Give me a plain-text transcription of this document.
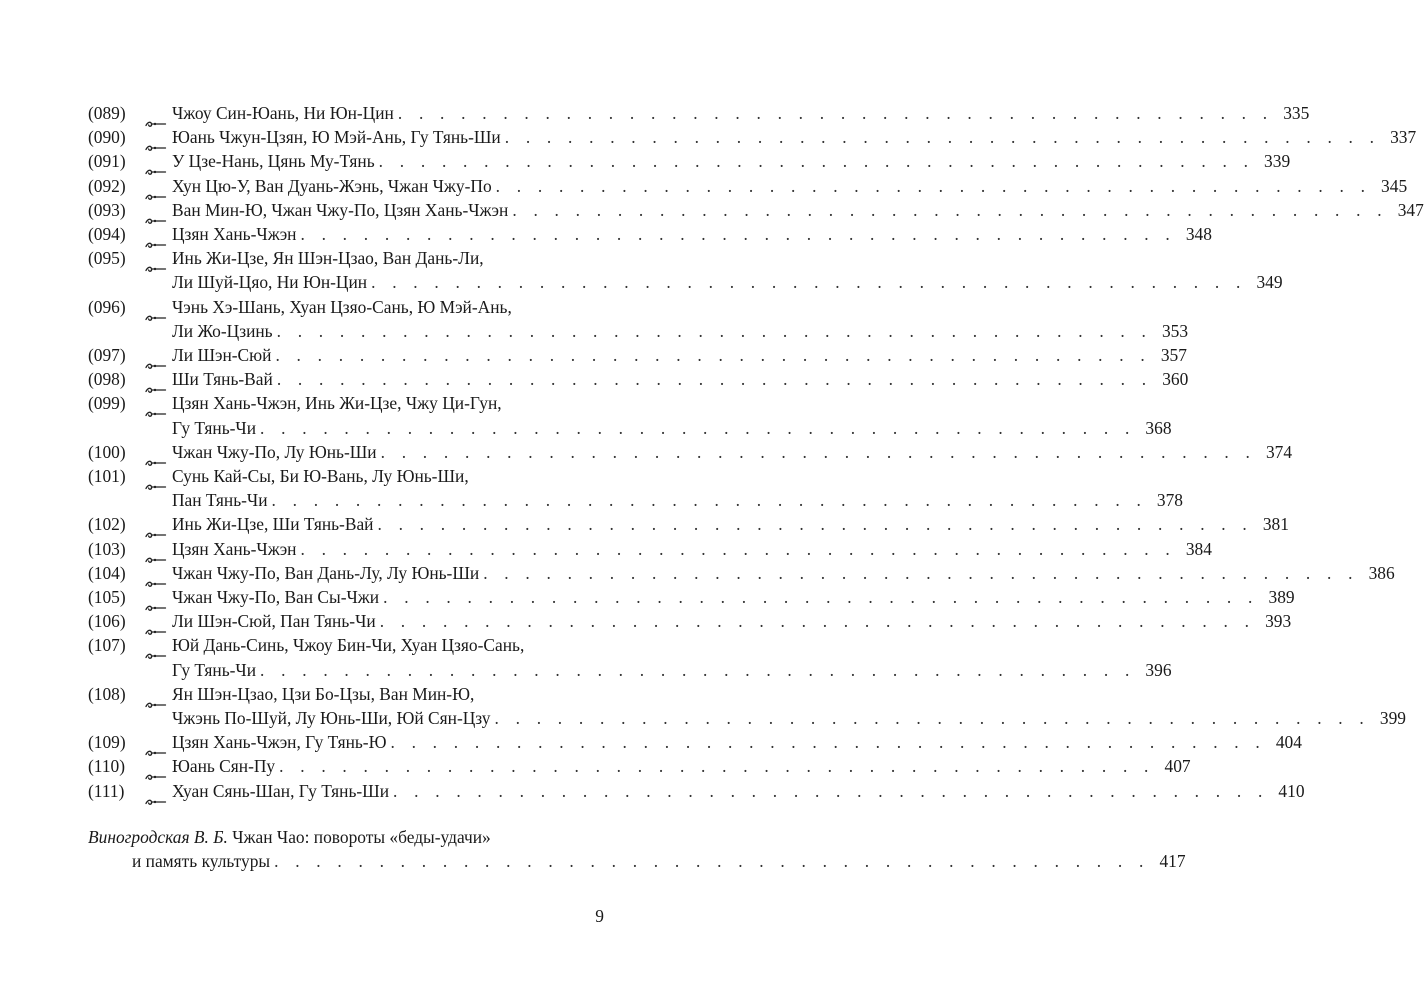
(089)	Чжоу Син-Юань, Ни Юн-Цин . . . . . . . . . . . . . . . . . . . . . . . . . . . . . . . . . . . . . . . . . . 335
(090)	Юань Чжун-Цзян, Ю Мэй-Ань, Гу Тянь-Ши . . . . . . . . . . . . . . . . . . . . . . . . . . . . . . . . . . . . . . . . . . 337
(091)	У Цзе-Нань, Цянь Му-Тянь . . . . . . . . . . . . . . . . . . . . . . . . . . . . . . . . . . . . . . . . . . 339
(092)	Хун Цю-У, Ван Дуань-Жэнь, Чжан Чжу-По . . . . . . . . . . . . . . . . . . . . . . . . . . . . . . . . . . . . . . . . . . 345
(093)	Ван Мин-Ю, Чжан Чжу-По, Цзян Хань-Чжэн . . . . . . . . . . . . . . . . . . . . . . . . . . . . . . . . . . . . . . . . . . 347
(094)	Цзян Хань-Чжэн . . . . . . . . . . . . . . . . . . . . . . . . . . . . . . . . . . . . . . . . . . 348
(095)	Инь Жи-Цзе, Ян Шэн-Цзао, Ван Дань-Ли,
Ли Шуй-Цяо, Ни Юн-Цин . . . . . . . . . . . . . . . . . . . . . . . . . . . . . . . . . . . . . . . . . . 349
(096)	Чэнь Хэ-Шань, Хуан Цзяо-Сань, Ю Мэй-Ань,
Ли Жо-Цзинь . . . . . . . . . . . . . . . . . . . . . . . . . . . . . . . . . . . . . . . . . . 353
(097)	Ли Шэн-Сюй . . . . . . . . . . . . . . . . . . . . . . . . . . . . . . . . . . . . . . . . . . 357
(098)	Ши Тянь-Вай . . . . . . . . . . . . . . . . . . . . . . . . . . . . . . . . . . . . . . . . . . 360
(099)	Цзян Хань-Чжэн, Инь Жи-Цзе, Чжу Ци-Гун,
Гу Тянь-Чи . . . . . . . . . . . . . . . . . . . . . . . . . . . . . . . . . . . . . . . . . . 368
(100)	Чжан Чжу-По, Лу Юнь-Ши . . . . . . . . . . . . . . . . . . . . . . . . . . . . . . . . . . . . . . . . . . 374
(101)	Сунь Кай-Сы, Би Ю-Вань, Лу Юнь-Ши,
Пан Тянь-Чи . . . . . . . . . . . . . . . . . . . . . . . . . . . . . . . . . . . . . . . . . . 378
(102)	Инь Жи-Цзе, Ши Тянь-Вай . . . . . . . . . . . . . . . . . . . . . . . . . . . . . . . . . . . . . . . . . . 381
(103)	Цзян Хань-Чжэн . . . . . . . . . . . . . . . . . . . . . . . . . . . . . . . . . . . . . . . . . . 384
(104)	Чжан Чжу-По, Ван Дань-Лу, Лу Юнь-Ши . . . . . . . . . . . . . . . . . . . . . . . . . . . . . . . . . . . . . . . . . . 386
(105)	Чжан Чжу-По, Ван Сы-Чжи . . . . . . . . . . . . . . . . . . . . . . . . . . . . . . . . . . . . . . . . . . 389
(106)	Ли Шэн-Сюй, Пан Тянь-Чи . . . . . . . . . . . . . . . . . . . . . . . . . . . . . . . . . . . . . . . . . . 393
(107)	Юй Дань-Синь, Чжоу Бин-Чи, Хуан Цзяо-Сань,
Гу Тянь-Чи . . . . . . . . . . . . . . . . . . . . . . . . . . . . . . . . . . . . . . . . . . 396
(108)	Ян Шэн-Цзао, Цзи Бо-Цзы, Ван Мин-Ю,
Чжэнь По-Шуй, Лу Юнь-Ши, Юй Сян-Цзу . . . . . . . . . . . . . . . . . . . . . . . . . . . . . . . . . . . . . . . . . . 399
(109)	Цзян Хань-Чжэн, Гу Тянь-Ю . . . . . . . . . . . . . . . . . . . . . . . . . . . . . . . . . . . . . . . . . . 404
(110)	Юань Сян-Пу . . . . . . . . . . . . . . . . . . . . . . . . . . . . . . . . . . . . . . . . . . 407
(111)	Хуан Сянь-Шан, Гу Тянь-Ши . . . . . . . . . . . . . . . . . . . . . . . . . . . . . . . . . . . . . . . . . . 410
Виногродская В. Б. Чжан Чао: повороты «беды-удачи»
и память культуры . . . . . . . . . . . . . . . . . . . . . . . . . . . . . . . . . . . . . . . . . . 417
9
